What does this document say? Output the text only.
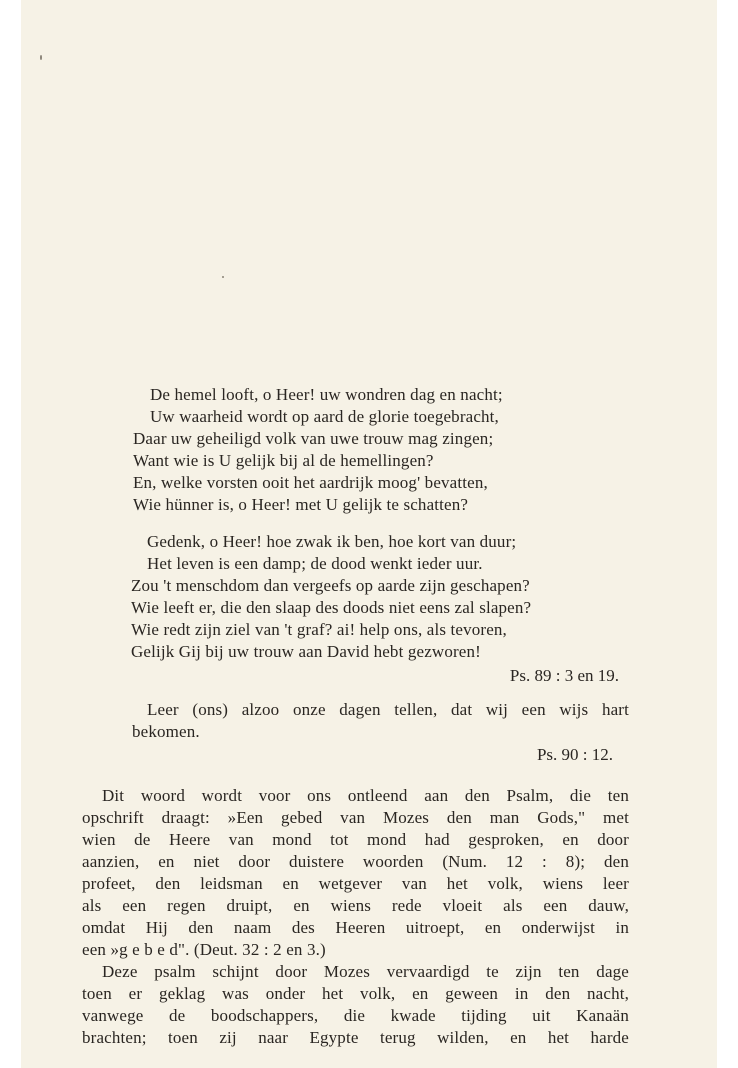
De hemel looft, o Heer! uw wondren dag en nacht;
Uw waarheid wordt op aard de glorie toegebracht,
Daar uw geheiligd volk van uwe trouw mag zingen;
Want wie is U gelijk bij al de hemellingen?
En, welke vorsten ooit het aardrijk moog' bevatten,
Wie hünner is, o Heer! met U gelijk te schatten?
Gedenk, o Heer! hoe zwak ik ben, hoe kort van duur;
Het leven is een damp; de dood wenkt ieder uur.
Zou 't menschdom dan vergeefs op aarde zijn geschapen?
Wie leeft er, die den slaap des doods niet eens zal slapen?
Wie redt zijn ziel van 't graf? ai! help ons, als tevoren,
Gelijk Gij bij uw trouw aan David hebt gezworen!
Ps. 89 : 3 en 19.
Leer (ons) alzoo onze dagen tellen, dat wij een wijs hart
bekomen.
Ps. 90 : 12.
Dit woord wordt voor ons ontleend aan den Psalm, die ten
opschrift draagt: »Een gebed van Mozes den man Gods," met
wien de Heere van mond tot mond had gesproken, en door
aanzien, en niet door duistere woorden (Num. 12 : 8); den
profeet, den leidsman en wetgever van het volk, wiens leer
als een regen druipt, en wiens rede vloeit als een dauw,
omdat Hij den naam des Heeren uitroept, en onderwijst in
een »g e b e d". (Deut. 32 : 2 en 3.)
Deze psalm schijnt door Mozes vervaardigd te zijn ten dage
toen er geklag was onder het volk, en geween in den nacht,
vanwege de boodschappers, die kwade tijding uit Kanaän
brachten; toen zij naar Egypte terug wilden, en het harde
